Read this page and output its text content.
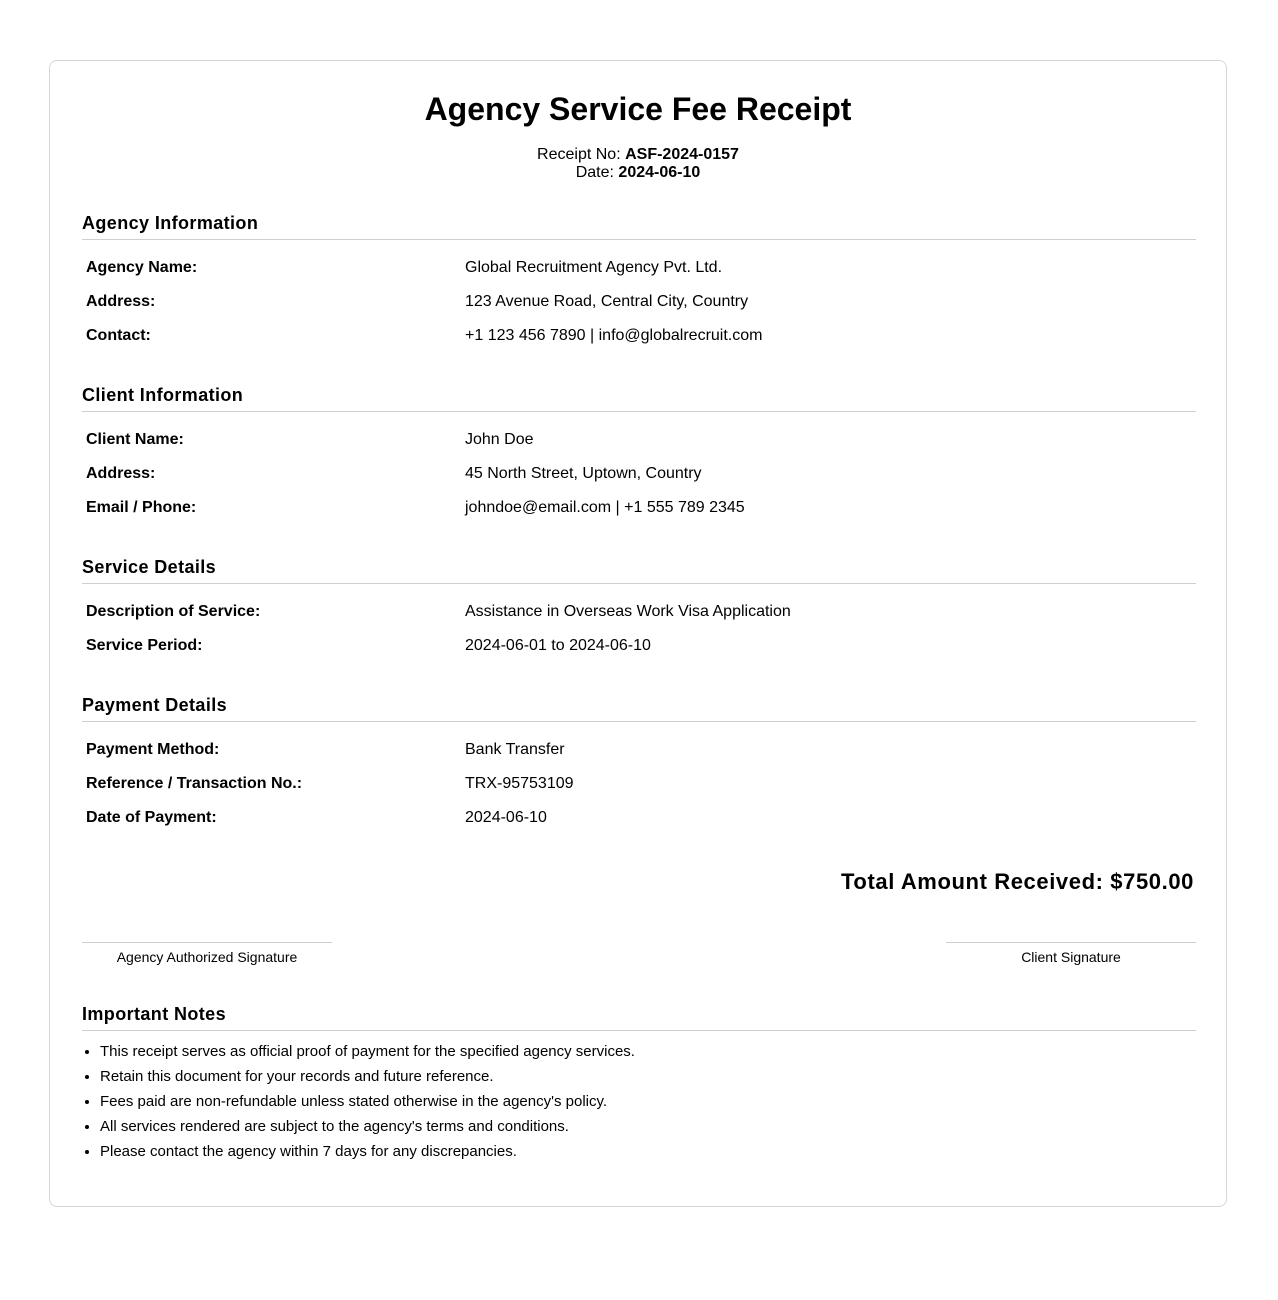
Agency Service Fee Receipt
Receipt No: ASF-2024-0157
Date: 2024-06-10
Agency Information
Agency Name:	Global Recruitment Agency Pvt. Ltd.
Address:	123 Avenue Road, Central City, Country
Contact:	+1 123 456 7890 | info@globalrecruit.com
Client Information
Client Name:	John Doe
Address:	45 North Street, Uptown, Country
Email / Phone:	johndoe@email.com | +1 555 789 2345
Service Details
Description of Service:	Assistance in Overseas Work Visa Application
Service Period:	2024-06-01 to 2024-06-10
Payment Details
Payment Method:	Bank Transfer
Reference / Transaction No.:	TRX-95753109
Date of Payment:	2024-06-10
Total Amount Received: $750.00
Agency Authorized Signature	Client Signature
Important Notes
• This receipt serves as official proof of payment for the specified agency services.
• Retain this document for your records and future reference.
• Fees paid are non-refundable unless stated otherwise in the agency's policy.
• All services rendered are subject to the agency's terms and conditions.
• Please contact the agency within 7 days for any discrepancies.
